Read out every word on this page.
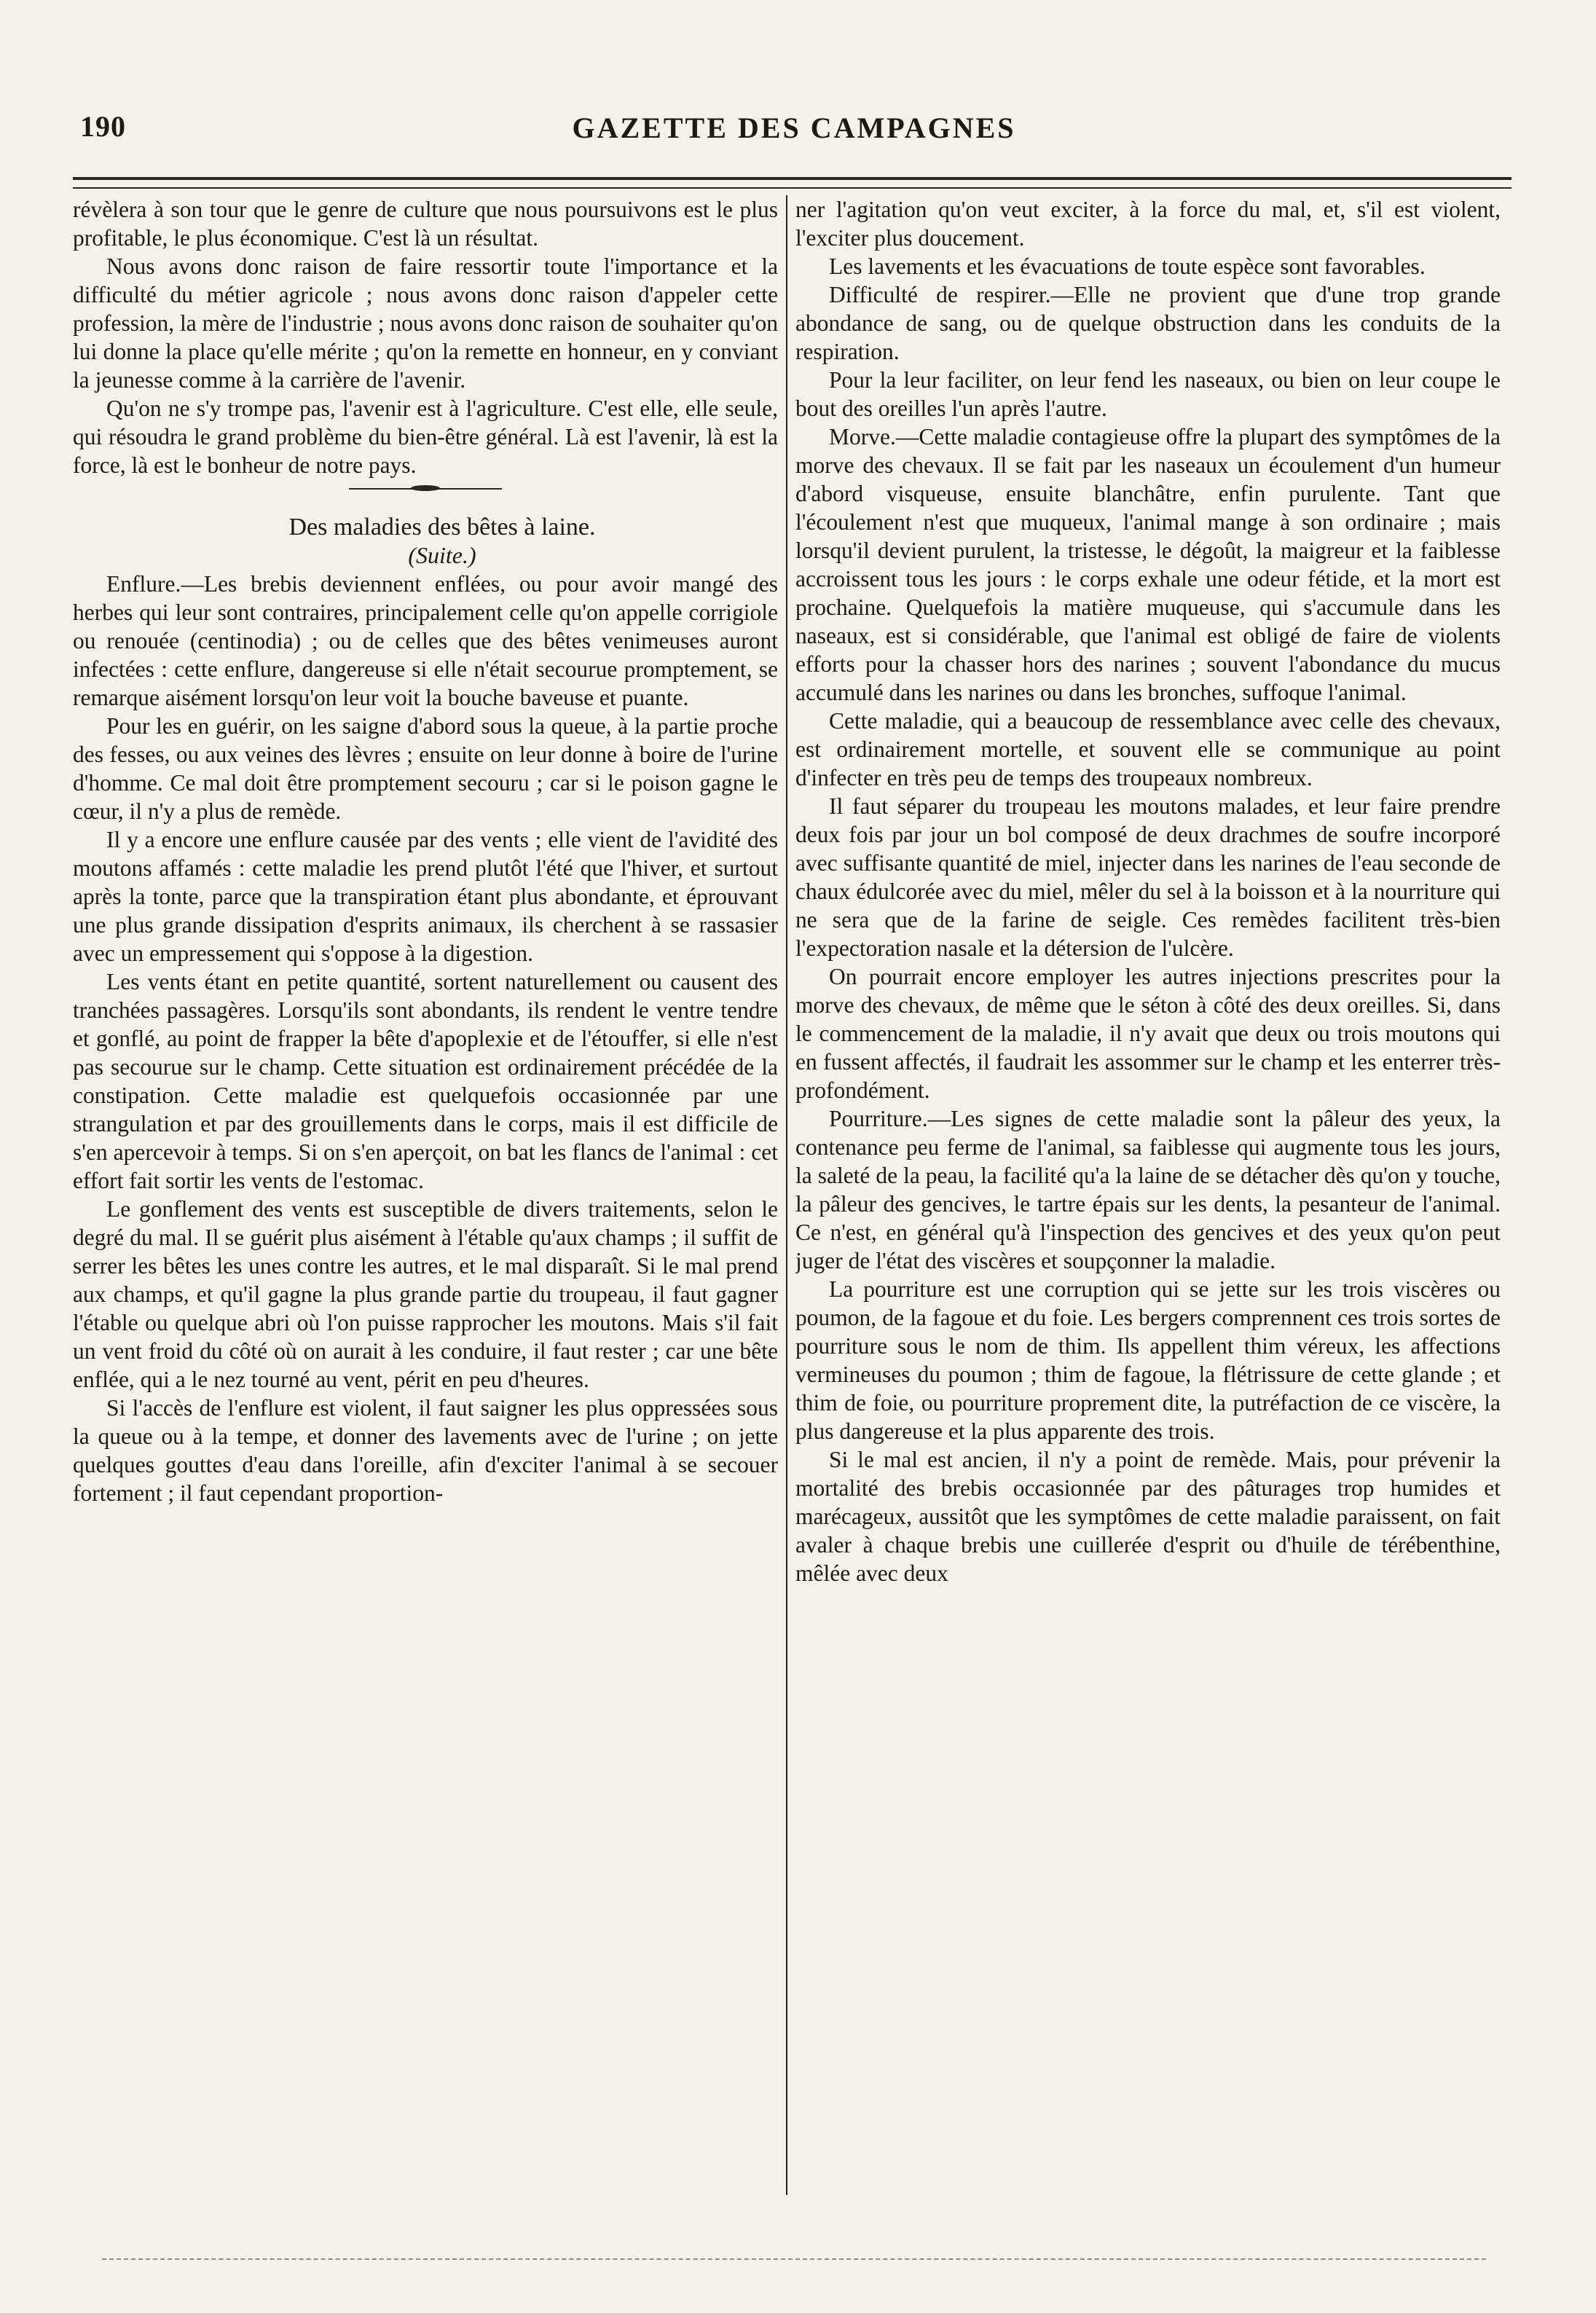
190	GAZETTE DES CAMPAGNES

révèlera à son tour que le genre de culture que nous poursuivons est le plus profitable, le plus économique. C'est là un résultat.

Nous avons donc raison de faire ressortir toute l'importance et la difficulté du métier agricole ; nous avons donc raison d'appeler cette profession, la mère de l'industrie ; nous avons donc raison de souhaiter qu'on lui donne la place qu'elle mérite ; qu'on la remette en honneur, en y conviant la jeunesse comme à la carrière de l'avenir.

Qu'on ne s'y trompe pas, l'avenir est à l'agriculture. C'est elle, elle seule, qui résoudra le grand problème du bien-être général. Là est l'avenir, là est la force, là est le bonheur de notre pays.

Des maladies des bêtes à laine.

(Suite.)

Enflure.—Les brebis deviennent enflées, ou pour avoir mangé des herbes qui leur sont contraires, principalement celle qu'on appelle corrigiole ou renouée (centinodia) ; ou de celles que des bêtes venimeuses auront infectées : cette enflure, dangereuse si elle n'était secourue promptement, se remarque aisément lorsqu'on leur voit la bouche baveuse et puante.

Pour les en guérir, on les saigne d'abord sous la queue, à la partie proche des fesses, ou aux veines des lèvres ; ensuite on leur donne à boire de l'urine d'homme. Ce mal doit être promptement secouru ; car si le poison gagne le cœur, il n'y a plus de remède.

Il y a encore une enflure causée par des vents ; elle vient de l'avidité des moutons affamés : cette maladie les prend plutôt l'été que l'hiver, et surtout après la tonte, parce que la transpiration étant plus abondante, et éprouvant une plus grande dissipation d'esprits animaux, ils cherchent à se rassasier avec un empressement qui s'oppose à la digestion.

Les vents étant en petite quantité, sortent naturellement ou causent des tranchées passagères. Lorsqu'ils sont abondants, ils rendent le ventre tendre et gonflé, au point de frapper la bête d'apoplexie et de l'étouffer, si elle n'est pas secourue sur le champ. Cette situation est ordinairement précédée de la constipation. Cette maladie est quelquefois occasionnée par une strangulation et par des grouillements dans le corps, mais il est difficile de s'en apercevoir à temps. Si on s'en aperçoit, on bat les flancs de l'animal : cet effort fait sortir les vents de l'estomac.

Le gonflement des vents est susceptible de divers traitements, selon le degré du mal. Il se guérit plus aisément à l'étable qu'aux champs ; il suffit de serrer les bêtes les unes contre les autres, et le mal disparaît. Si le mal prend aux champs, et qu'il gagne la plus grande partie du troupeau, il faut gagner l'étable ou quelque abri où l'on puisse rapprocher les moutons. Mais s'il fait un vent froid du côté où on aurait à les conduire, il faut rester ; car une bête enflée, qui a le nez tourné au vent, périt en peu d'heures.

Si l'accès de l'enflure est violent, il faut saigner les plus oppressées sous la queue ou à la tempe, et donner des lavements avec de l'urine ; on jette quelques gouttes d'eau dans l'oreille, afin d'exciter l'animal à se secouer fortement ; il faut cependant proportion-

ner l'agitation qu'on veut exciter, à la force du mal, et, s'il est violent, l'exciter plus doucement.

Les lavements et les évacuations de toute espèce sont favorables.

Difficulté de respirer.—Elle ne provient que d'une trop grande abondance de sang, ou de quelque obstruction dans les conduits de la respiration.

Pour la leur faciliter, on leur fend les naseaux, ou bien on leur coupe le bout des oreilles l'un après l'autre.

Morve.—Cette maladie contagieuse offre la plupart des symptômes de la morve des chevaux. Il se fait par les naseaux un écoulement d'un humeur d'abord visqueuse, ensuite blanchâtre, enfin purulente. Tant que l'écoulement n'est que muqueux, l'animal mange à son ordinaire ; mais lorsqu'il devient purulent, la tristesse, le dégoût, la maigreur et la faiblesse accroissent tous les jours : le corps exhale une odeur fétide, et la mort est prochaine. Quelquefois la matière muqueuse, qui s'accumule dans les naseaux, est si considérable, que l'animal est obligé de faire de violents efforts pour la chasser hors des narines ; souvent l'abondance du mucus accumulé dans les narines ou dans les bronches, suffoque l'animal.

Cette maladie, qui a beaucoup de ressemblance avec celle des chevaux, est ordinairement mortelle, et souvent elle se communique au point d'infecter en très peu de temps des troupeaux nombreux.

Il faut séparer du troupeau les moutons malades, et leur faire prendre deux fois par jour un bol composé de deux drachmes de soufre incorporé avec suffisante quantité de miel, injecter dans les narines de l'eau seconde de chaux édulcorée avec du miel, mêler du sel à la boisson et à la nourriture qui ne sera que de la farine de seigle. Ces remèdes facilitent très-bien l'expectoration nasale et la détersion de l'ulcère.

On pourrait encore employer les autres injections prescrites pour la morve des chevaux, de même que le séton à côté des deux oreilles. Si, dans le commencement de la maladie, il n'y avait que deux ou trois moutons qui en fussent affectés, il faudrait les assommer sur le champ et les enterrer très-profondément.

Pourriture.—Les signes de cette maladie sont la pâleur des yeux, la contenance peu ferme de l'animal, sa faiblesse qui augmente tous les jours, la saleté de la peau, la facilité qu'a la laine de se détacher dès qu'on y touche, la pâleur des gencives, le tartre épais sur les dents, la pesanteur de l'animal. Ce n'est, en général qu'à l'inspection des gencives et des yeux qu'on peut juger de l'état des viscères et soupçonner la maladie.

La pourriture est une corruption qui se jette sur les trois viscères ou poumon, de la fagoue et du foie. Les bergers comprennent ces trois sortes de pourriture sous le nom de thim. Ils appellent thim véreux, les affections vermineuses du poumon ; thim de fagoue, la flétrissure de cette glande ; et thim de foie, ou pourriture proprement dite, la putréfaction de ce viscère, la plus dangereuse et la plus apparente des trois.

Si le mal est ancien, il n'y a point de remède. Mais, pour prévenir la mortalité des brebis occasionnée par des pâturages trop humides et marécageux, aussitôt que les symptômes de cette maladie paraissent, on fait avaler à chaque brebis une cuillerée d'esprit ou d'huile de térébenthine, mêlée avec deux
